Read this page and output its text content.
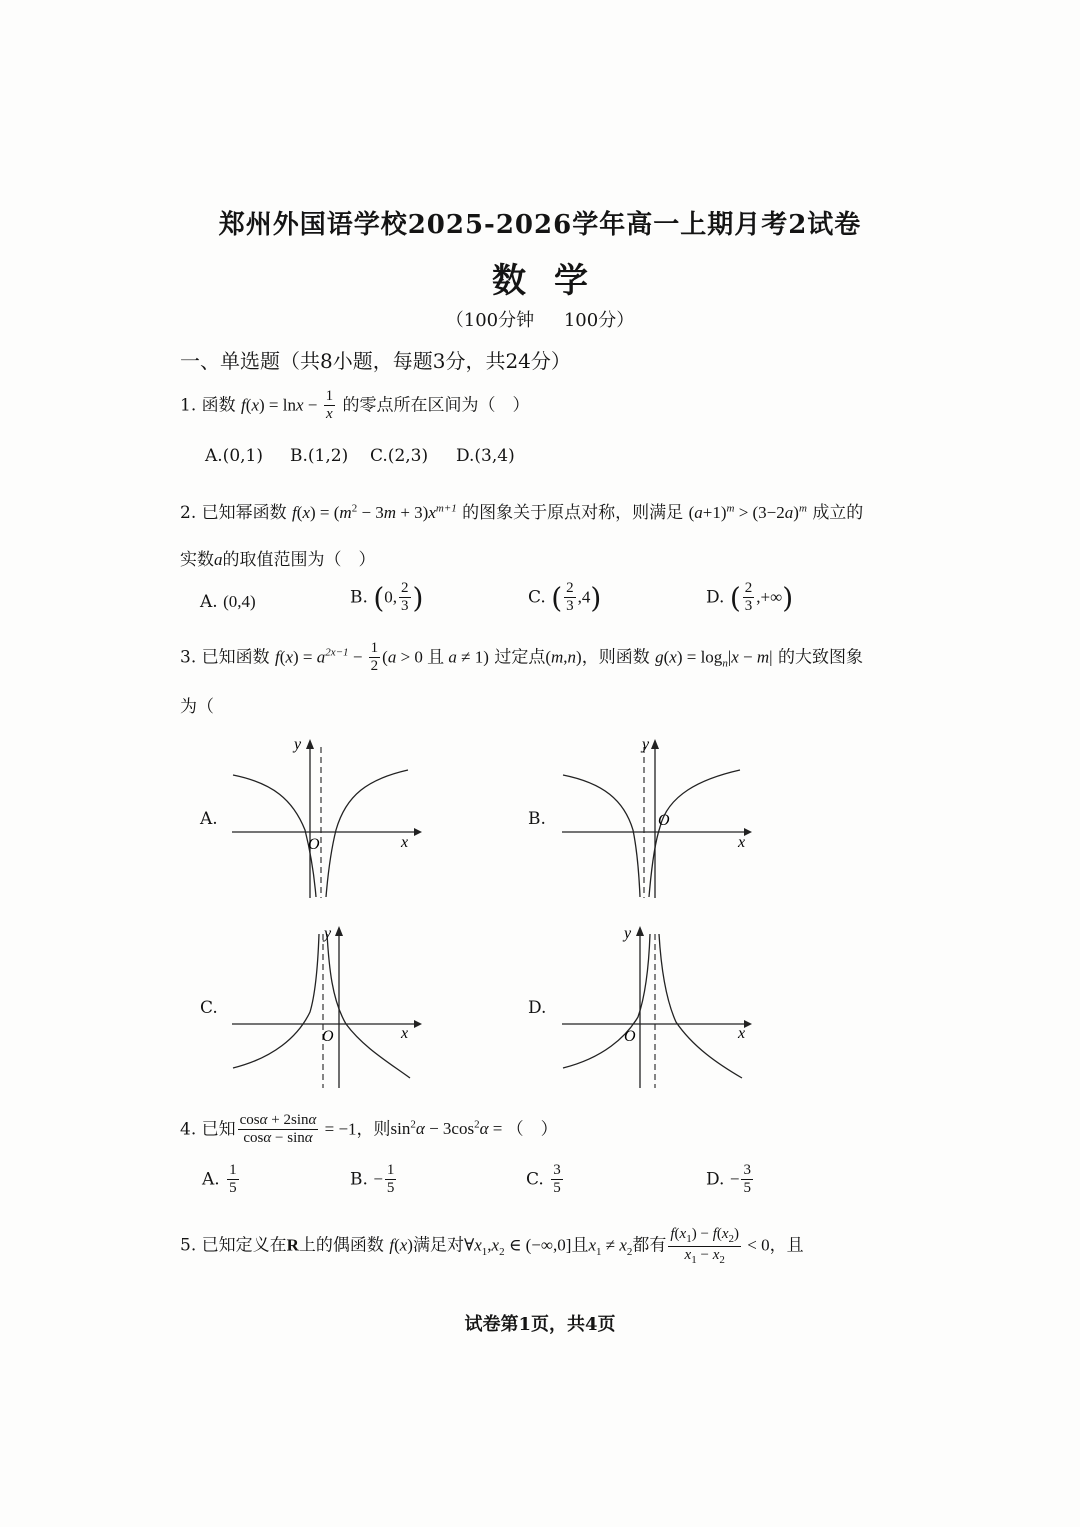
郑州外国语学校2025-2026学年高一上期月考2试卷
数学
（100分钟 100分）
一、单选题（共8小题，每题3分，共24分）
1. 函数 $f(x) = \ln x - \frac{1}{x}$ 的零点所在区间为（　）
A.(0,1) B.(1,2) C.(2,3) D.(3,4)
2. 已知幂函数 $f(x) = (m^2 - 3m + 3)x^{m+1}$ 的图象关于原点对称，则满足 $(a+1)^m > (3-2a)^m$ 成立的
实数a的取值范围为（　）
A. (0,4)	B. (0, $\frac{2}{3}$ )	C. ( $\frac{2}{3} ,4$)	D. ( $\frac{2}{3}$ ,+∞)
3. 已知函数 $f(x) = a^{2x-1} - \frac{1}{2} (a > 0$ 且 a ≠ 1) 过定点(m,n)，则函数 $g(x) = \log_n|x - m|$ 的大致图象
为（
A.
y
x
O
B.
y
x
O
C.
y
x
O
D.
y
x
O
4. 已知 $\frac{\cos\alpha + 2\sin\alpha}{\cos\alpha - \sin\alpha} = -1$，则$\sin^2\alpha - 3\cos^2\alpha$ = （　）
A. $\frac{1}{5}$	B. − $\frac{1}{5}$	C. $\frac{3}{5}$	D. − $\frac{3}{5}$
5. 已知定义在R上的偶函数 f(x)满足对$\forall x_1,x_2$ ∈ (−∞,0]且$x_1 \ne x_2$都有 $\frac{f(x_1) - f(x_2)}{x_1 - x_2} < 0$，且
试卷第1页，共4页
